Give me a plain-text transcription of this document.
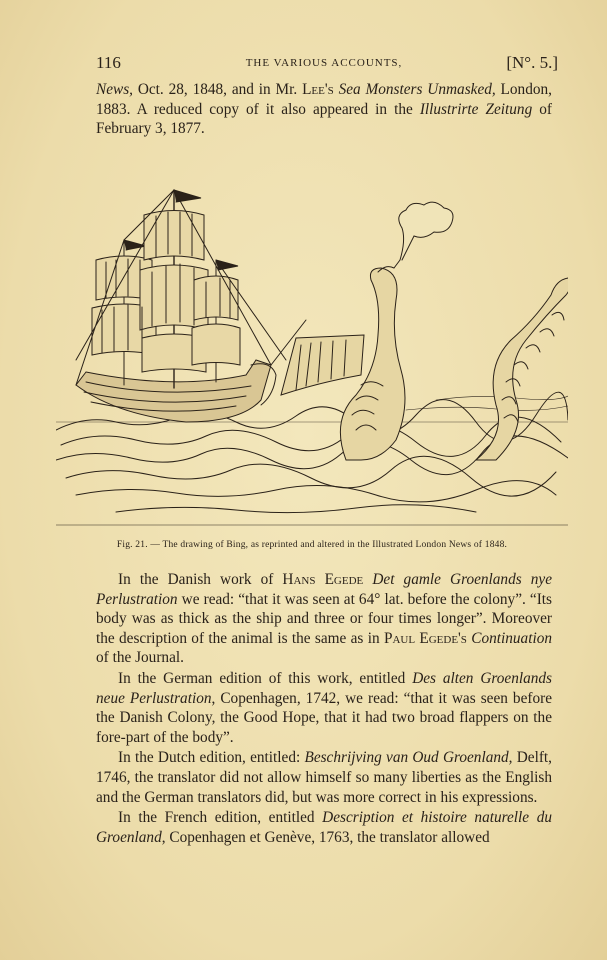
116	THE VARIOUS ACCOUNTS,	[N°. 5.]

News, Oct. 28, 1848, and in Mr. Lee's Sea Monsters Unmasked, London, 1883. A reduced copy of it also appeared in the Illustrirte Zeitung of February 3, 1877.

Fig. 21. — The drawing of Bing, as reprinted and altered in the Illustrated London News of 1848.

In the Danish work of Hans Egede Det gamle Groenlands nye Perlustration we read: “that it was seen at 64° lat. before the colony”. “Its body was as thick as the ship and three or four times longer”. Moreover the description of the animal is the same as in Paul Egede's Continuation of the Journal.

In the German edition of this work, entitled Des alten Groenlands neue Perlustration, Copenhagen, 1742, we read: “that it was seen before the Danish Colony, the Good Hope, that it had two broad flappers on the fore-part of the body”.

In the Dutch edition, entitled: Beschrijving van Oud Groenland, Delft, 1746, the translator did not allow himself so many liberties as the English and the German translators did, but was more correct in his expressions.

In the French edition, entitled Description et histoire naturelle du Groenland, Copenhagen et Genève, 1763, the translator allowed
